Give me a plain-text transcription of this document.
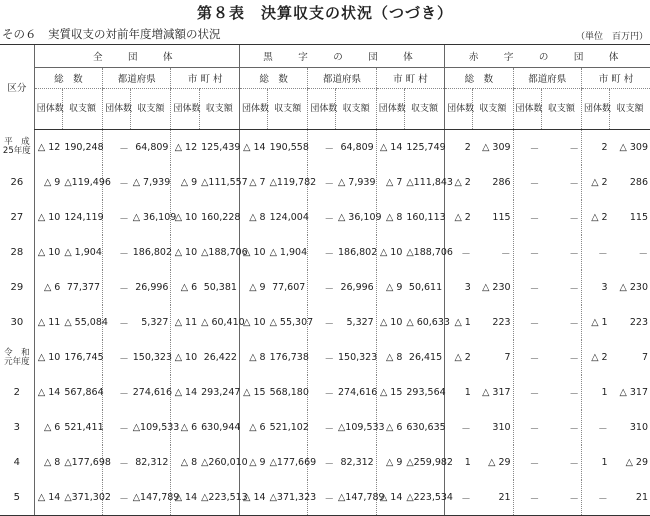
第８表　決算収支の状況（つづき）
その６　実質収支の対前年度増減額の状況	（単位　百万円）
区分	全　団　体						黒　字　の　団　体						赤　字　の　団　体					
	総　数		都道府県		市 町 村		総　数		都道府県		市 町 村		総　数		都道府県		市 町 村	
	団体数	収支額	団体数	収支額	団体数	収支額	団体数	収支額	団体数	収支額	団体数	収支額	団体数	収支額	団体数	収支額	団体数	収支額
平　成
25年度	△ 12	190,248	－	64,809	△ 12	125,439	△ 14	190,558	－	64,809	△ 14	125,749	2	△ 309	－	－	2	△ 309
26	△ 9	△119,496	－	△ 7,939	△ 9	△111,557	△ 7	△119,782	－	△ 7,939	△ 7	△111,843	△ 2	286	－	－	△ 2	286
27	△ 10	124,119	－	△ 36,109	△ 10	160,228	△ 8	124,004	－	△ 36,109	△ 8	160,113	△ 2	115	－	－	△ 2	115
28	△ 10	△ 1,904	－	186,802	△ 10	△188,706	△ 10	△ 1,904	－	186,802	△ 10	△188,706	－	－	－	－	－	－
29	△ 6	77,377	－	26,996	△ 6	50,381	△ 9	77,607	－	26,996	△ 9	50,611	3	△ 230	－	－	3	△ 230
30	△ 11	△ 55,084	－	5,327	△ 11	△ 60,410	△ 10	△ 55,307	－	5,327	△ 10	△ 60,633	△ 1	223	－	－	△ 1	223
令　和
元年度	△ 10	176,745	－	150,323	△ 10	26,422	△ 8	176,738	－	150,323	△ 8	26,415	△ 2	7	－	－	△ 2	7
2	△ 14	567,864	－	274,616	△ 14	293,247	△ 15	568,180	－	274,616	△ 15	293,564	1	△ 317	－	－	1	△ 317
3	△ 6	521,411	－	△109,533	△ 6	630,944	△ 6	521,102	－	△109,533	△ 6	630,635	－	310	－	－	－	310
4	△ 8	△177,698	－	82,312	△ 8	△260,010	△ 9	△177,669	－	82,312	△ 9	△259,982	1	△ 29	－	－	1	△ 29
5	△ 14	△371,302	－	△147,789	△ 14	△223,513	△ 14	△371,323	－	△147,789	△ 14	△223,534	－	21	－	－	－	21
